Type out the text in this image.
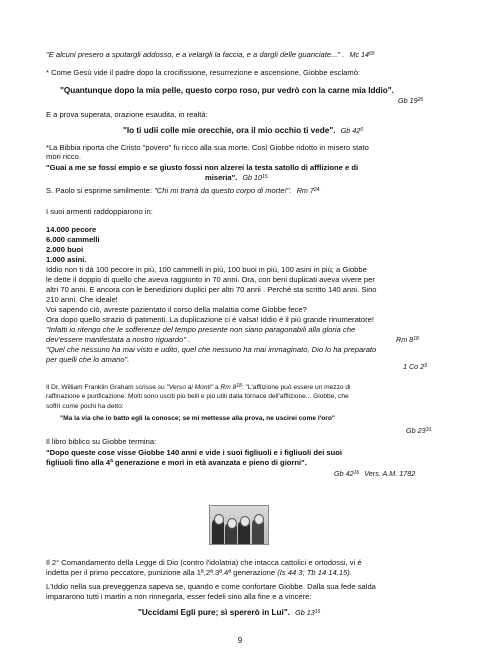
"E alcuni presero a sputargli addosso, e a velargli la faccia, e a dargli delle guanciate..." . Mc 14$^{65}$
* Come Gesù vide il padre dopo la crocifissione, resurrezione e ascensione, Giobbe esclamò:
"Quantunque dopo la mia pelle, questo corpo roso, pur vedrò con la carne mia Iddio".
Gb 19$^{26}$
E a prova superata, orazione esaudita, in realtà:
"Io ti udii colle mie orecchie, ora il mio occhio ti vede". Gb 42$^5$
*La Bibbia riporta che Cristo "povero" fu ricco alla sua morte. Così Giobbe ridotto in misero stato
mori ricco.
"Guai a me se fossi empio e se giusto fossi non alzerei la testa satollo di afflizione e di
miseria". Gb 10$^{15.}$
S. Paolo si esprime similmente: "Chi mi trarrà da questo corpo di morte!". Rm 7$^{24.}$
I suoi armenti raddoppiarono in:
14.000 pecore
6.000 cammelli
2.000 buoi
1.000 asini.
Iddio non ti dà 100 pecore in più, 100 cammelli in più, 100 buoi in più, 100 asini in più; a Giobbe
le dette il doppio di quello che aveva raggiunto in 70 anni. Ora, con beni duplicati aveva vivere per
altri 70 anni. E ancora con le benedizioni duplici per altri 70 anni . Perché sta scritto 140 anni. Sino
210 anni. Che ideale!
Voi sapendo ciò, avreste pazientato il corso della malattia come Giobbe fece?
Ora dopo quello strazio di patimenti. La duplicazione ci è valsa! Iddio é il più grande rinumeratore!
"Infatti io ritengo che le sofferenze del tempo presente non siano paragonabili alla gloria che
dev'essere manifestata a nostro riguardo" .	Rm 8$^{18}$
"Quel che nessuno ha mai visto e udito, quel che nessuno ha mai immaginato, Dio lo ha preparato
per quelli che lo amano".
1 Co 2$^9$
Il Dr. William Franklin Graham scrisse su "Verso ai Monti" a Rm $8^{18}$: "L'afflizione può essere un mezzo di
raffinazione e purificazione. Molti sono usciti più belli e più utili dalla fornace dell'afflizione... Giobbe, che
soffrì come pochi ha detto:
"Ma la via che io batto egli la conosce; se mi mettesse alla prova, ne uscirei come l'oro"
Gb 23$^{10.}$
Il libro biblico su Giobbe termina:
"Dopo queste cose visse Giobbe 140 anni e vide i suoi figliuoli e i figliuoli dei suoi
figliuoli fino alla 4ª generazione e morì in età avanzata e pieno di giorni".
Gb 42$^{16}$ Vers. A.M. 1782
Il 2° Comandamento della Legge di Dio (contro l'idolatria) che intacca cattolici e ortodossi, vi é
indetta per il primo peccatore, punizione alla 1ª,2ª.3ª.4ª generazione (Is 44 3; Tb 14 14.15).
L'Iddio nella sua preveggenza sapeva se, quando e come confortare Giobbe. Dalla sua fede salda
impararono tutti i martiri a non rinnegarla, esser fedeli sino alla fine e a vincere:
"Uccidami Egli pure; sì spererò in Lui". Gb 13$^{15}$
9
